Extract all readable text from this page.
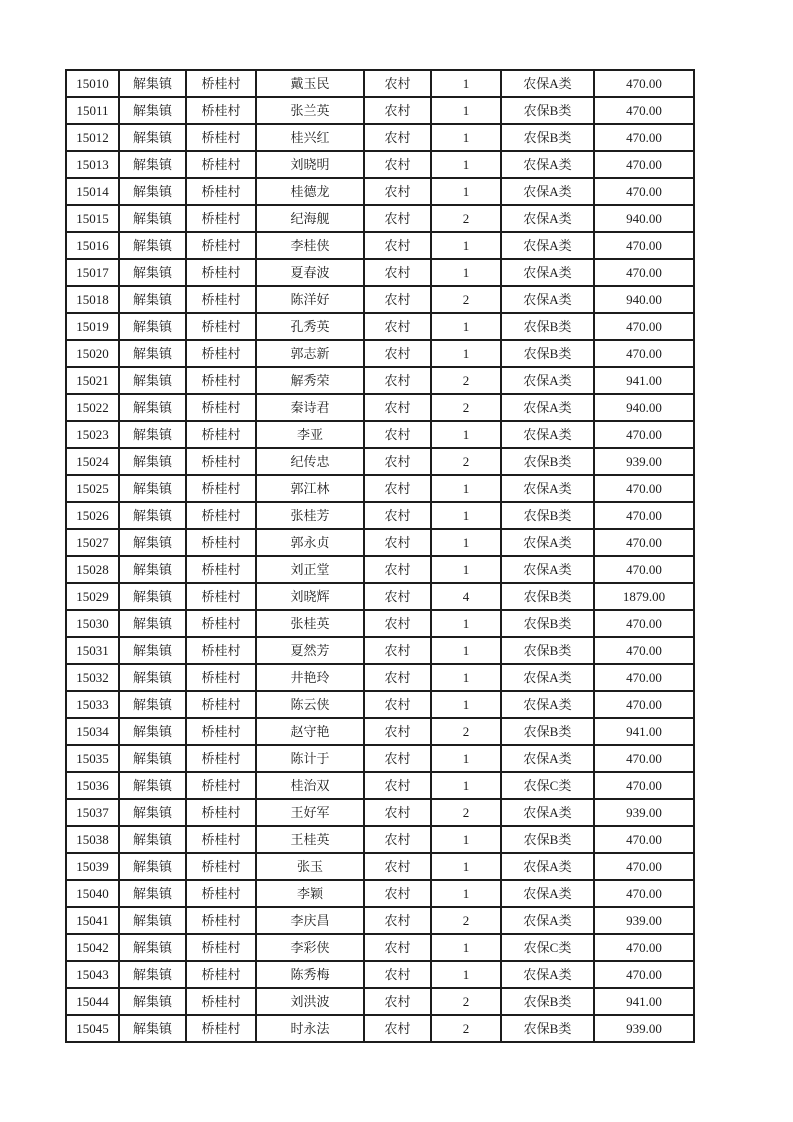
15010	解集镇	桥桂村	戴玉民	农村	1	农保A类	470.00
15011	解集镇	桥桂村	张兰英	农村	1	农保B类	470.00
15012	解集镇	桥桂村	桂兴红	农村	1	农保B类	470.00
15013	解集镇	桥桂村	刘晓明	农村	1	农保A类	470.00
15014	解集镇	桥桂村	桂德龙	农村	1	农保A类	470.00
15015	解集镇	桥桂村	纪海舰	农村	2	农保A类	940.00
15016	解集镇	桥桂村	李桂侠	农村	1	农保A类	470.00
15017	解集镇	桥桂村	夏春波	农村	1	农保A类	470.00
15018	解集镇	桥桂村	陈洋好	农村	2	农保A类	940.00
15019	解集镇	桥桂村	孔秀英	农村	1	农保B类	470.00
15020	解集镇	桥桂村	郭志新	农村	1	农保B类	470.00
15021	解集镇	桥桂村	解秀荣	农村	2	农保A类	941.00
15022	解集镇	桥桂村	秦诗君	农村	2	农保A类	940.00
15023	解集镇	桥桂村	李亚	农村	1	农保A类	470.00
15024	解集镇	桥桂村	纪传忠	农村	2	农保B类	939.00
15025	解集镇	桥桂村	郭江林	农村	1	农保A类	470.00
15026	解集镇	桥桂村	张桂芳	农村	1	农保B类	470.00
15027	解集镇	桥桂村	郭永贞	农村	1	农保A类	470.00
15028	解集镇	桥桂村	刘正堂	农村	1	农保A类	470.00
15029	解集镇	桥桂村	刘晓辉	农村	4	农保B类	1879.00
15030	解集镇	桥桂村	张桂英	农村	1	农保B类	470.00
15031	解集镇	桥桂村	夏然芳	农村	1	农保B类	470.00
15032	解集镇	桥桂村	井艳玲	农村	1	农保A类	470.00
15033	解集镇	桥桂村	陈云侠	农村	1	农保A类	470.00
15034	解集镇	桥桂村	赵守艳	农村	2	农保B类	941.00
15035	解集镇	桥桂村	陈计于	农村	1	农保A类	470.00
15036	解集镇	桥桂村	桂治双	农村	1	农保C类	470.00
15037	解集镇	桥桂村	王好军	农村	2	农保A类	939.00
15038	解集镇	桥桂村	王桂英	农村	1	农保B类	470.00
15039	解集镇	桥桂村	张玉	农村	1	农保A类	470.00
15040	解集镇	桥桂村	李颖	农村	1	农保A类	470.00
15041	解集镇	桥桂村	李庆昌	农村	2	农保A类	939.00
15042	解集镇	桥桂村	李彩侠	农村	1	农保C类	470.00
15043	解集镇	桥桂村	陈秀梅	农村	1	农保A类	470.00
15044	解集镇	桥桂村	刘洪波	农村	2	农保B类	941.00
15045	解集镇	桥桂村	时永法	农村	2	农保B类	939.00
